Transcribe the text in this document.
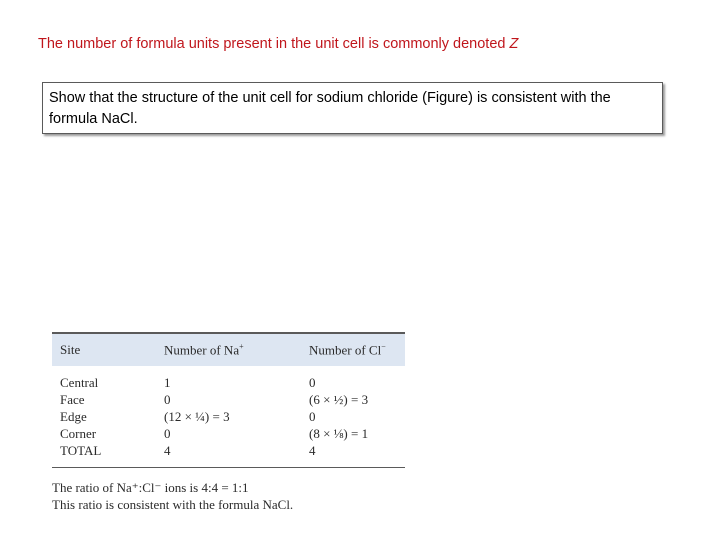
The number of formula units present in the unit cell is commonly denoted Z
Show that the structure of the unit cell for sodium chloride (Figure) is consistent with the formula NaCl.
Site	Number of Na+	Number of Cl−
Central	1	0
Face	0	(6 × ½) = 3
Edge	(12 × ¼) = 3	0
Corner	0	(8 × ⅛) = 1
TOTAL	4	4
The ratio of Na⁺:Cl⁻ ions is 4:4 = 1:1
This ratio is consistent with the formula NaCl.
